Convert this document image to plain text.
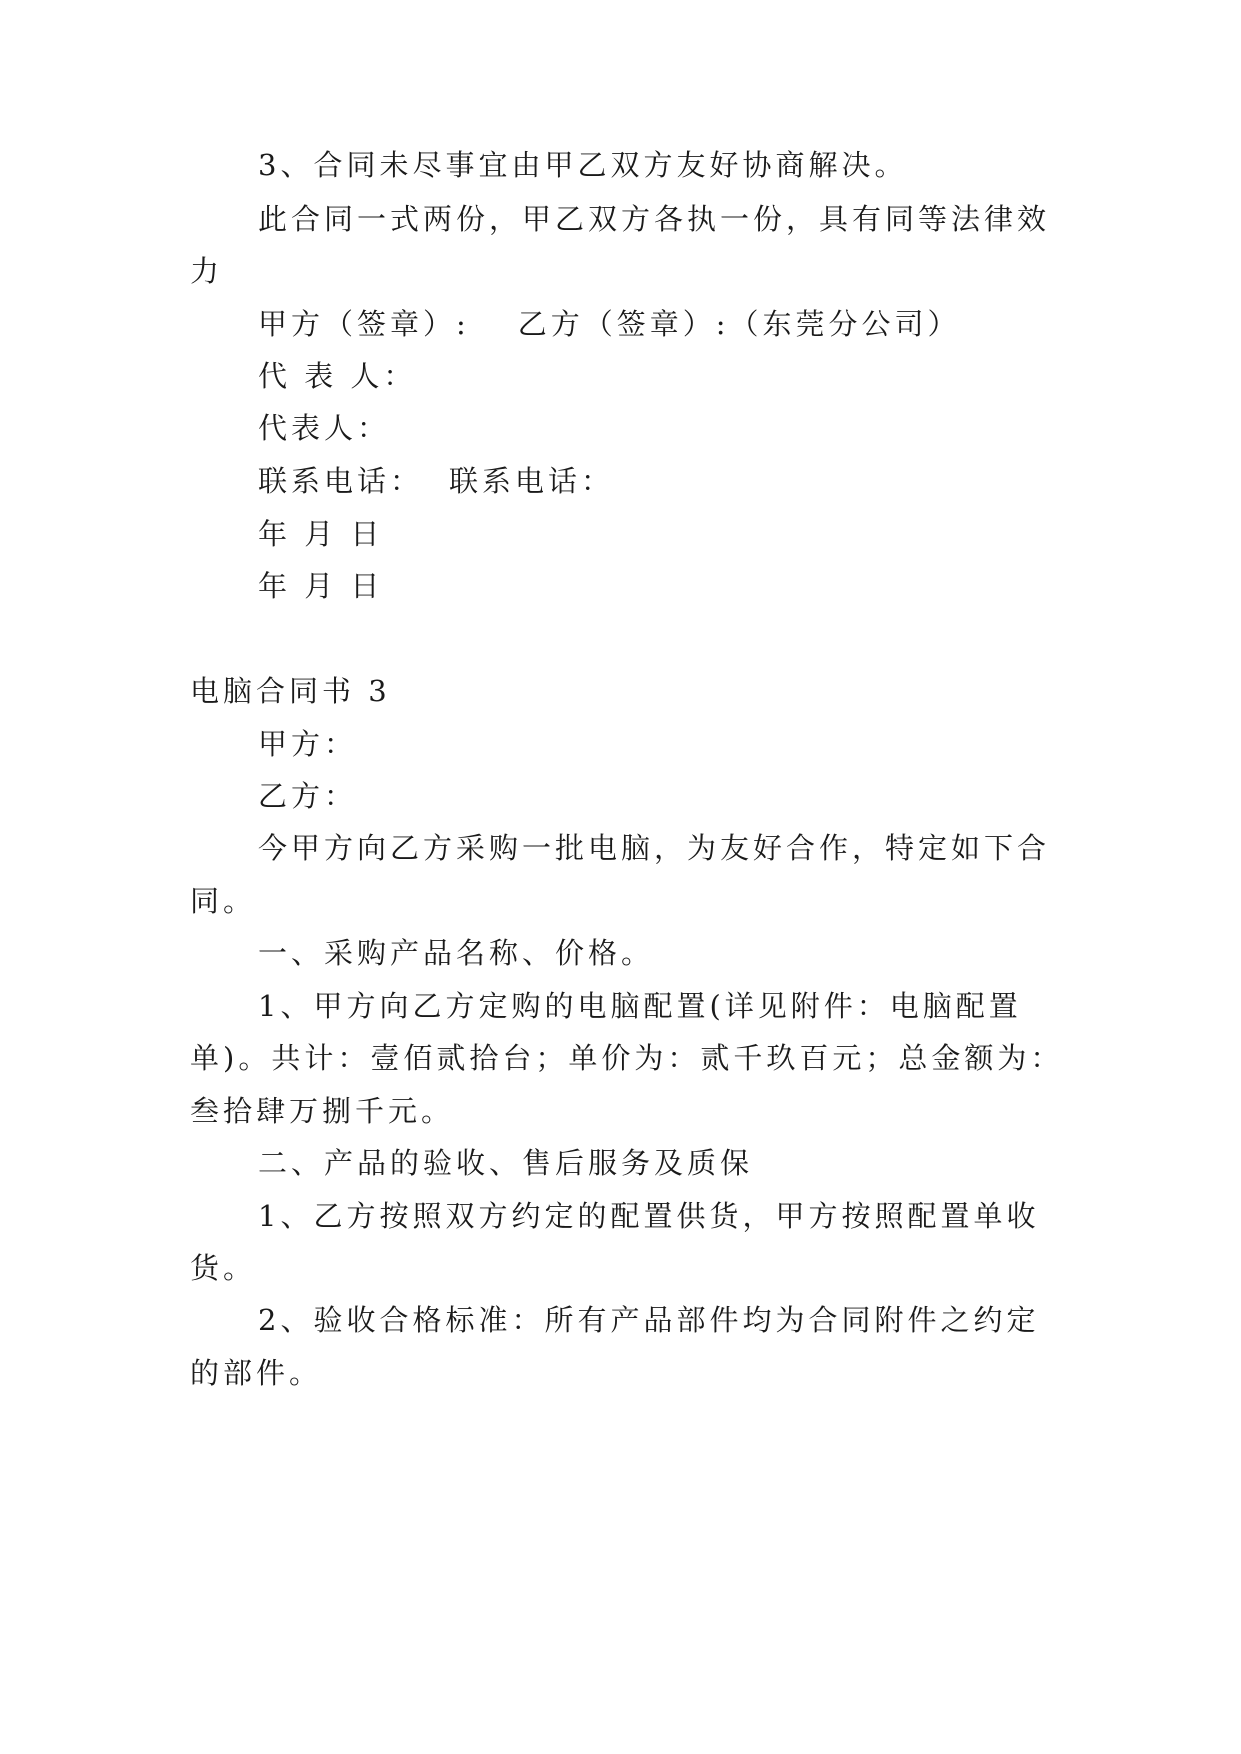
3、合同未尽事宜由甲乙双方友好协商解决。
此合同一式两份，甲乙双方各执一份，具有同等法律效
力
甲方（签章）: 乙方（签章）:（东莞分公司）
代 表 人：
代表人：
联系电话： 联系电话：
年 月 日
年 月 日
电脑合同书 3
甲方：
乙方：
今甲方向乙方采购一批电脑，为友好合作，特定如下合
同。
一、采购产品名称、价格。
1、甲方向乙方定购的电脑配置(详见附件：电脑配置
单)。共计：壹佰贰拾台；单价为：贰千玖百元；总金额为：
叁拾肆万捌千元。
二、产品的验收、售后服务及质保
1、乙方按照双方约定的配置供货，甲方按照配置单收
货。
2、验收合格标准：所有产品部件均为合同附件之约定
的部件。
